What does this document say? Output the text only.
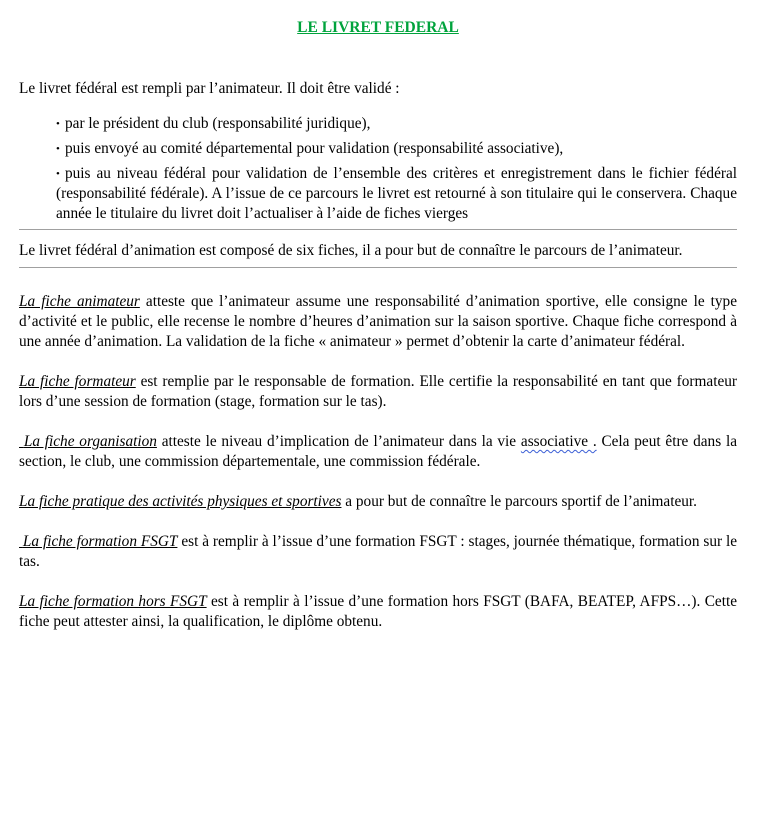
LE LIVRET FEDERAL

Le livret fédéral est rempli par l’animateur. Il doit être validé :

• par le président du club (responsabilité juridique),
• puis envoyé au comité départemental pour validation (responsabilité associative),
• puis au niveau fédéral pour validation de l’ensemble des critères et enregistrement dans le fichier fédéral (responsabilité fédérale). A l’issue de ce parcours le livret est retourné à son titulaire qui le conservera. Chaque année le titulaire du livret doit l’actualiser à l’aide de fiches vierges

Le livret fédéral d’animation est composé de six fiches, il a pour but de connaître le parcours de l’animateur.

La fiche animateur atteste que l’animateur assume une responsabilité d’animation sportive, elle consigne le type d’activité et le public, elle recense le nombre d’heures d’animation sur la saison sportive. Chaque fiche correspond à une année d’animation. La validation de la fiche « animateur » permet d’obtenir la carte d’animateur fédéral.

La fiche formateur est remplie par le responsable de formation. Elle certifie la responsabilité en tant que formateur lors d’une session de formation (stage, formation sur le tas).

La fiche organisation atteste le niveau d’implication de l’animateur dans la vie associative . Cela peut être dans la section, le club, une commission départementale, une commission fédérale.

La fiche pratique des activités physiques et sportives a pour but de connaître le parcours sportif de l’animateur.

La fiche formation FSGT est à remplir à l’issue d’une formation FSGT : stages, journée thématique, formation sur le tas.

La fiche formation hors FSGT est à remplir à l’issue d’une formation hors FSGT (BAFA, BEATEP, AFPS…). Cette fiche peut attester ainsi, la qualification, le diplôme obtenu.
